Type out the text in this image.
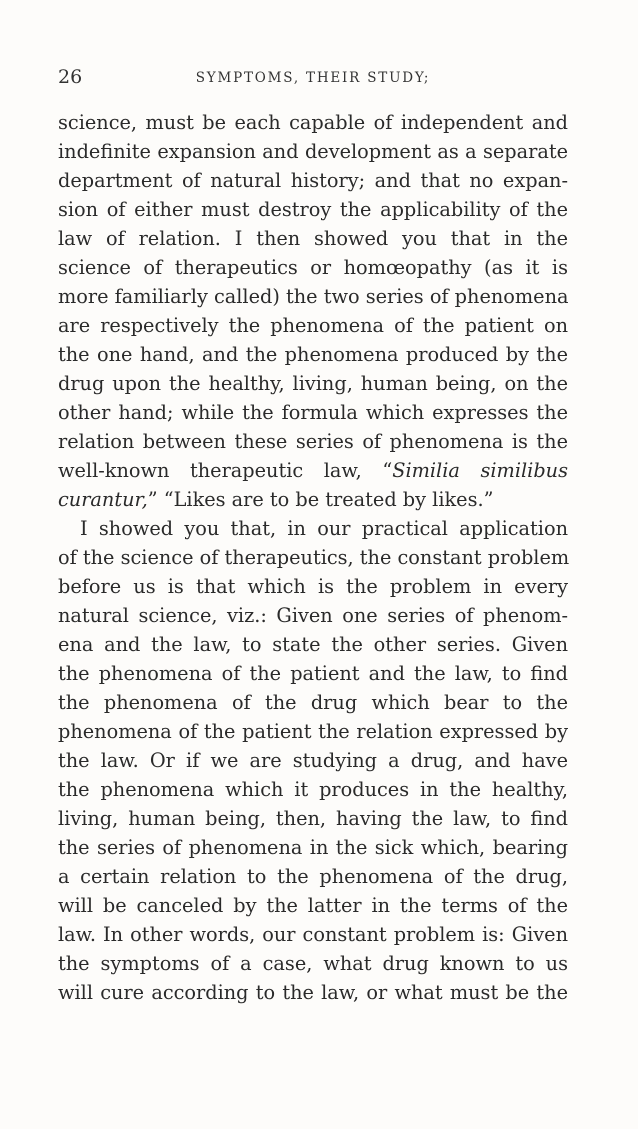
26	SYMPTOMS, THEIR STUDY;
science, must be each capable of independent and
indefinite expansion and development as a separate
department of natural history; and that no expan-
sion of either must destroy the applicability of the
law of relation. I then showed you that in the
science of therapeutics or homœopathy (as it is
more familiarly called) the two series of phenomena
are respectively the phenomena of the patient on
the one hand, and the phenomena produced by the
drug upon the healthy, living, human being, on the
other hand; while the formula which expresses the
relation between these series of phenomena is the
well-known therapeutic law, “Similia similibus
curantur,” “Likes are to be treated by likes.”
I showed you that, in our practical application
of the science of therapeutics, the constant problem
before us is that which is the problem in every
natural science, viz.: Given one series of phenom-
ena and the law, to state the other series. Given
the phenomena of the patient and the law, to find
the phenomena of the drug which bear to the
phenomena of the patient the relation expressed by
the law. Or if we are studying a drug, and have
the phenomena which it produces in the healthy,
living, human being, then, having the law, to find
the series of phenomena in the sick which, bearing
a certain relation to the phenomena of the drug,
will be canceled by the latter in the terms of the
law. In other words, our constant problem is: Given
the symptoms of a case, what drug known to us
will cure according to the law, or what must be the
